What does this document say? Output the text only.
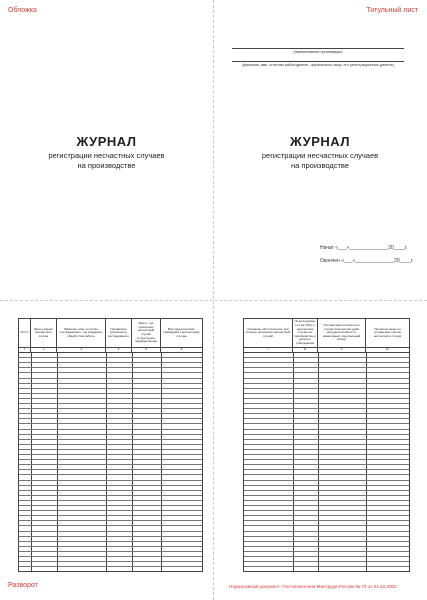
Обложка
ЖУРНАЛ
регистрации несчастных случаев
на производстве
Титульный лист
(Наименование организации)
(фамилия, имя, отчество работодателя - физического лица, его регистрационные данные)
ЖУРНАЛ
регистрации несчастных случаев
на производстве
Начат «___»______________20____г.
Окончен «___»______________20____г.
№ п/п
1
Дата и время несчастного случая
2
Фамилия, имя, отчество пострадавшего, год рождения, общий стаж работы
3
Профессия (должность) пострадавшего
4
Место, где произошел несчастный случай (структурное подразделение)
5
Вид происшествия, приведший к несчастному случаю
6
Описание обстоятельств, при которых произошел несчастный случай
7
№ акта формы Н-1 (Н-1ПС) о несчастном случае на производстве и дата его утверждения
8
Последствия несчастного случая (количество дней нетрудоспособности, инвалидный, смертельный исход)
9
Принятые меры по устранению причин несчастного случая
10
Разворот	Нормативный документ: Постановление Минтруда России № 73 от 24.10.2002
